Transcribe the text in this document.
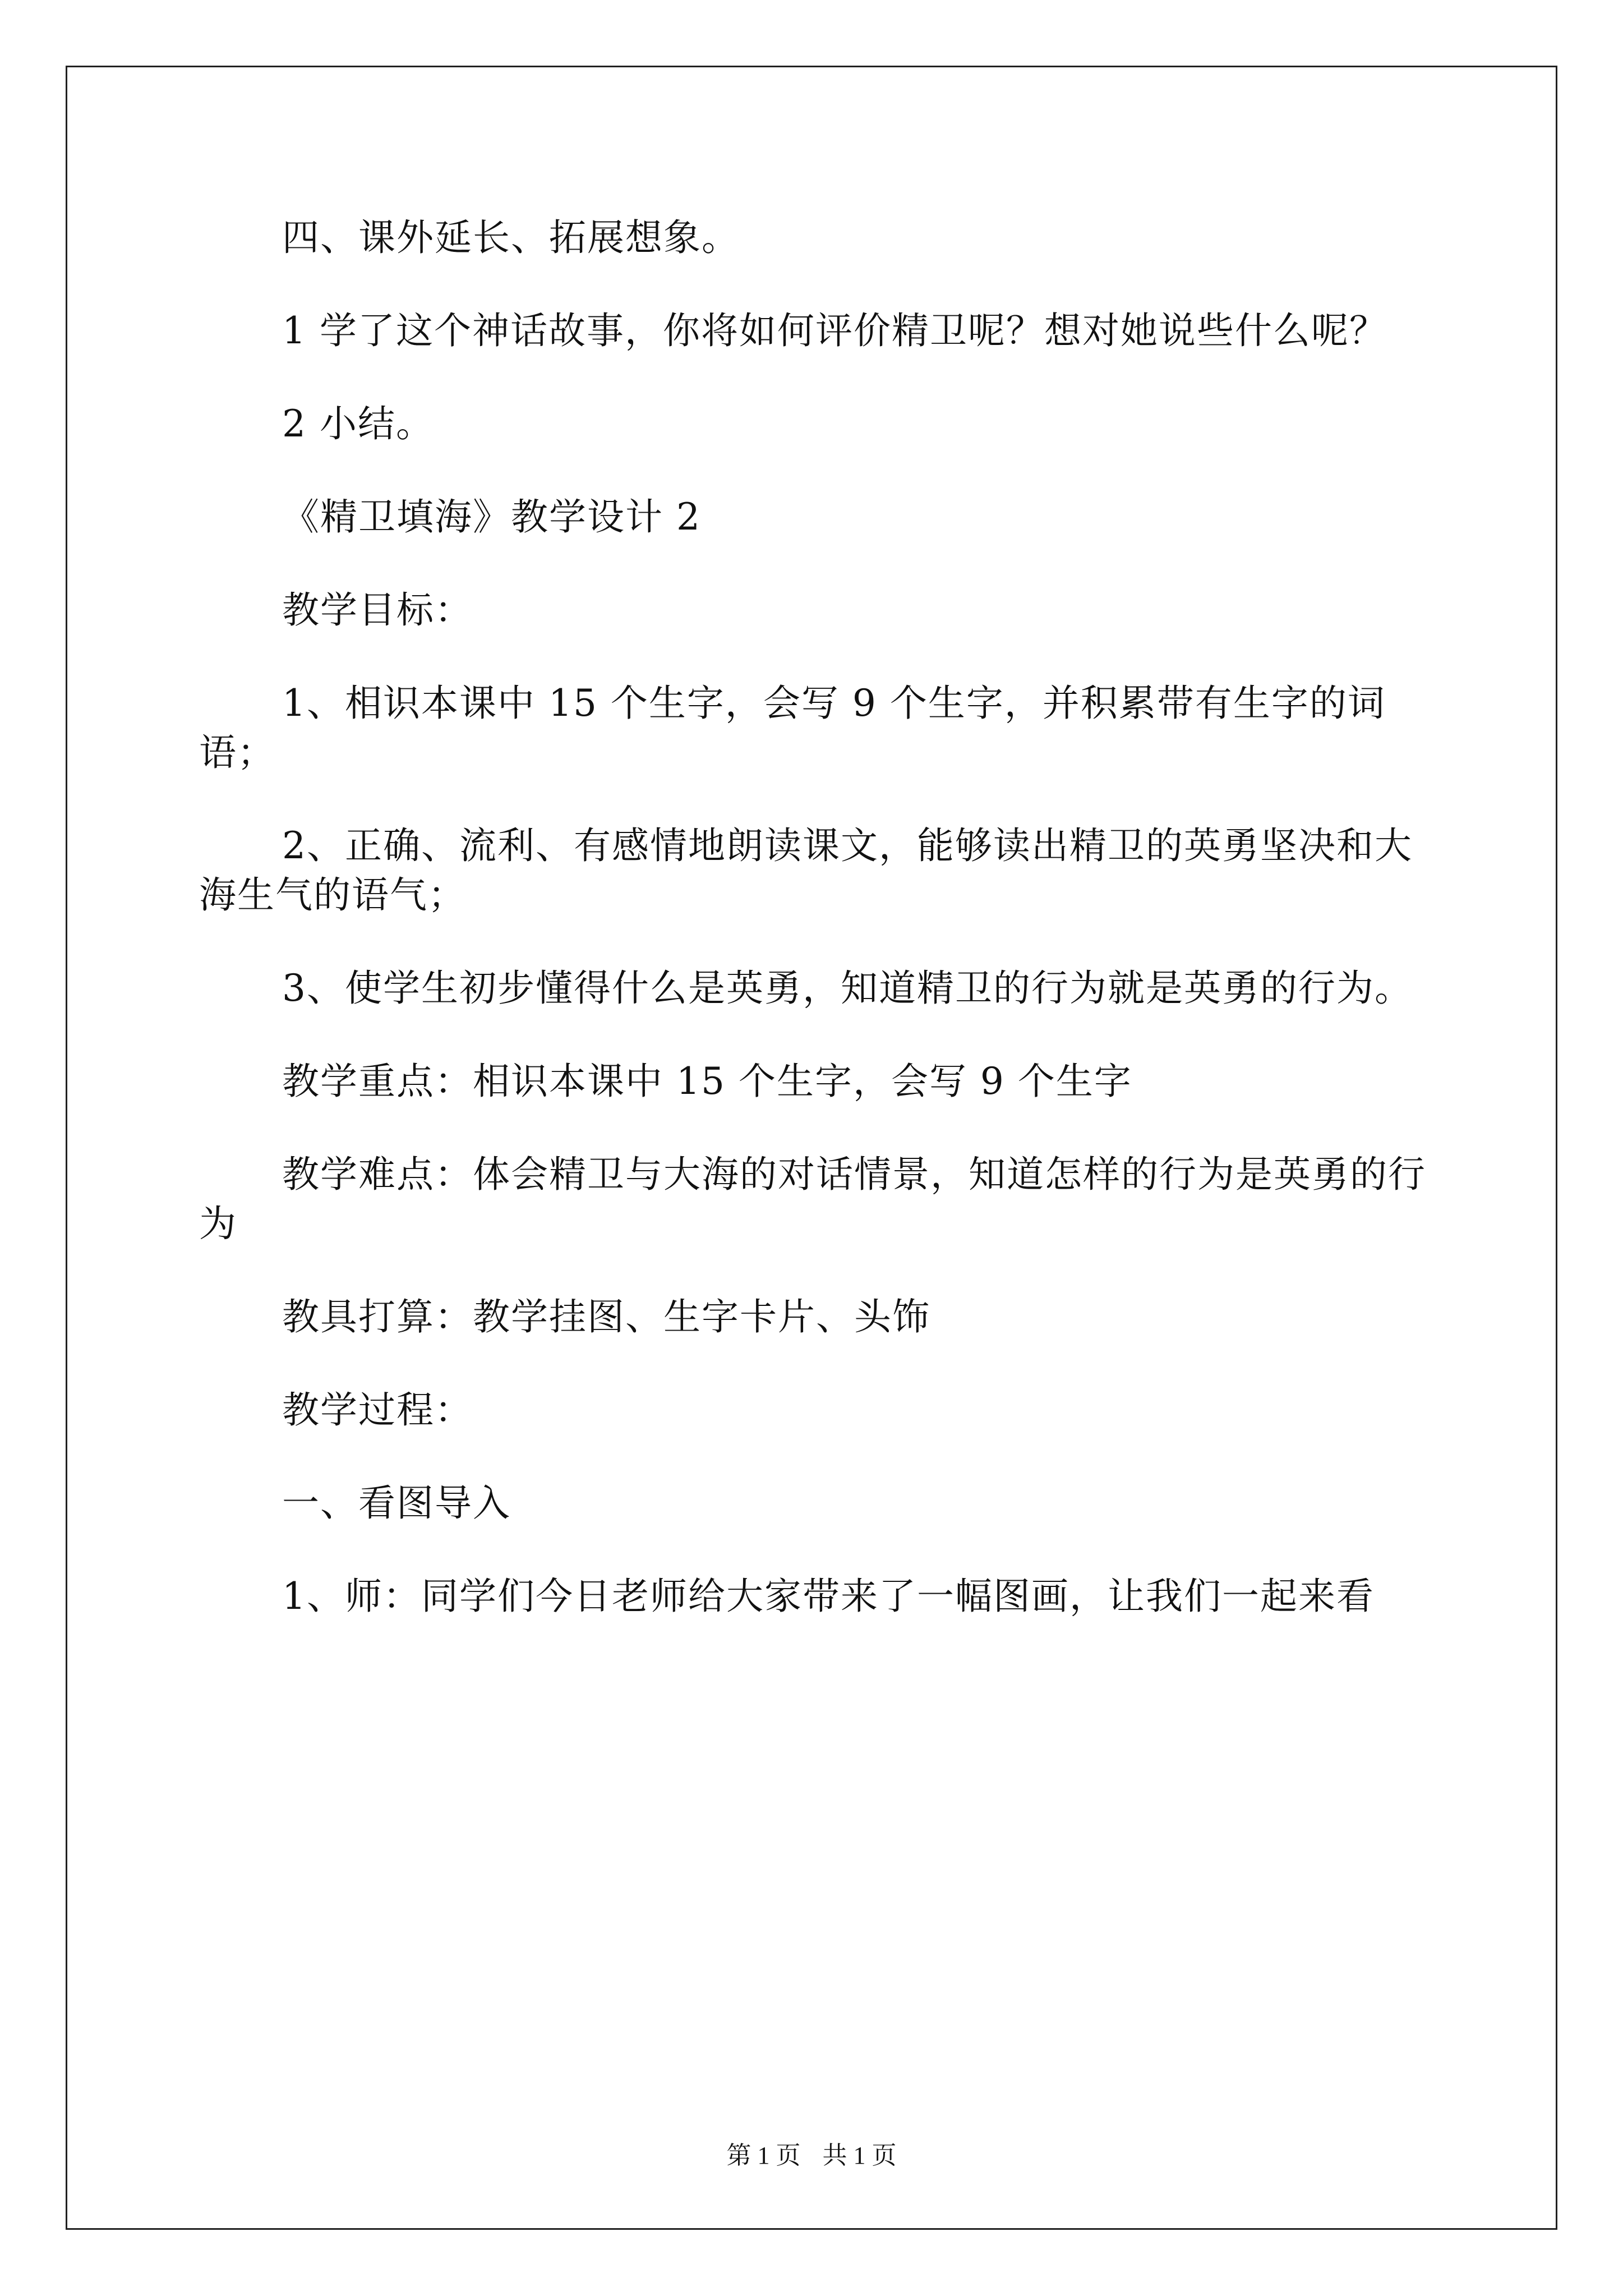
四、课外延长、拓展想象。

1 学了这个神话故事，你将如何评价精卫呢？想对她说些什么呢？

2 小结。

《精卫填海》教学设计 2

教学目标：

1、相识本课中 15 个生字，会写 9 个生字，并积累带有生字的词语；

2、正确、流利、有感情地朗读课文，能够读出精卫的英勇坚决和大海生气的语气；

3、使学生初步懂得什么是英勇，知道精卫的行为就是英勇的行为。

教学重点：相识本课中 15 个生字，会写 9 个生字

教学难点：体会精卫与大海的对话情景，知道怎样的行为是英勇的行为

教具打算：教学挂图、生字卡片、头饰

教学过程：

一、看图导入

1、师：同学们今日老师给大家带来了一幅图画，让我们一起来看

第 1 页 共 1 页
